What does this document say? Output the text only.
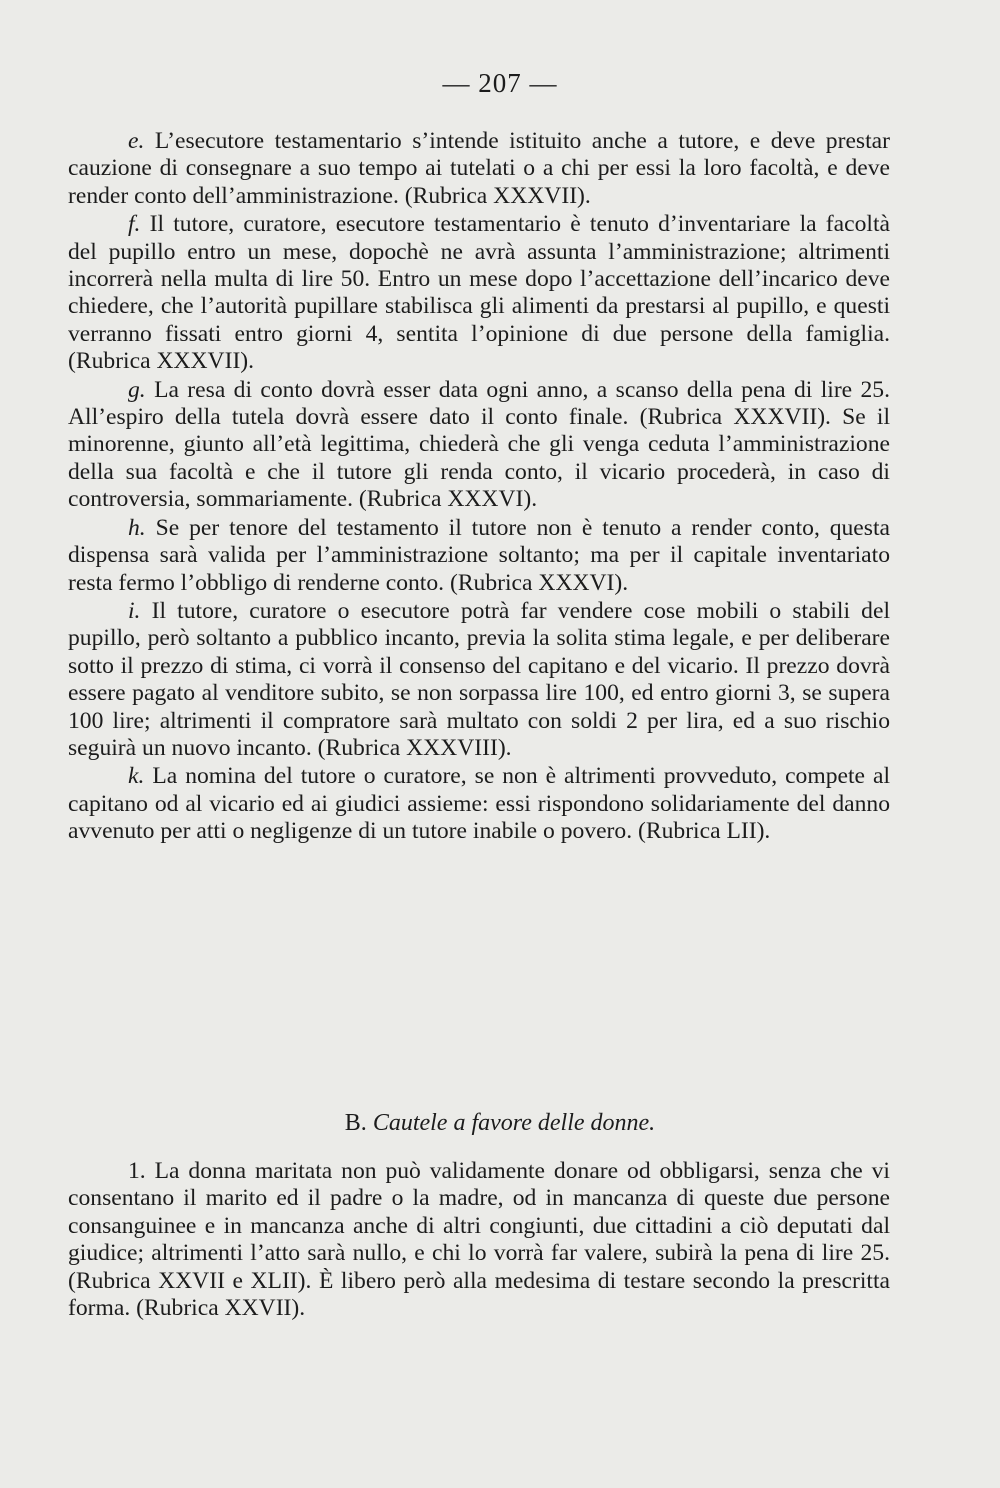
— 207 —

e. L’esecutore testamentario s’intende istituito anche a tutore, e deve prestar cauzione di consegnare a suo tempo ai tutelati o a chi per essi la loro facoltà, e deve render conto dell’amministrazione. (Rubrica XXXVII).

f. Il tutore, curatore, esecutore testamentario è tenuto d’inventariare la facoltà del pupillo entro un mese, dopochè ne avrà assunta l’amministrazione; altrimenti incorrerà nella multa di lire 50. Entro un mese dopo l’accettazione dell’incarico deve chiedere, che l’autorità pupillare stabilisca gli alimenti da prestarsi al pupillo, e questi verranno fissati entro giorni 4, sentita l’opinione di due persone della famiglia. (Rubrica XXXVII).

g. La resa di conto dovrà esser data ogni anno, a scanso della pena di lire 25. All’espiro della tutela dovrà essere dato il conto finale. (Rubrica XXXVII). Se il minorenne, giunto all’età legittima, chiederà che gli venga ceduta l’amministrazione della sua facoltà e che il tutore gli renda conto, il vicario procederà, in caso di controversia, sommariamente. (Rubrica XXXVI).

h. Se per tenore del testamento il tutore non è tenuto a render conto, questa dispensa sarà valida per l’amministrazione soltanto; ma per il capitale inventariato resta fermo l’obbligo di renderne conto. (Rubrica XXXVI).

i. Il tutore, curatore o esecutore potrà far vendere cose mobili o stabili del pupillo, però soltanto a pubblico incanto, previa la solita stima legale, e per deliberare sotto il prezzo di stima, ci vorrà il consenso del capitano e del vicario. Il prezzo dovrà essere pagato al venditore subito, se non sorpassa lire 100, ed entro giorni 3, se supera 100 lire; altrimenti il compratore sarà multato con soldi 2 per lira, ed a suo rischio seguirà un nuovo incanto. (Rubrica XXXVIII).

k. La nomina del tutore o curatore, se non è altrimenti provveduto, compete al capitano od al vicario ed ai giudici assieme: essi rispondono solidariamente del danno avvenuto per atti o negligenze di un tutore inabile o povero. (Rubrica LII).

B. Cautele a favore delle donne.

1. La donna maritata non può validamente donare od obbligarsi, senza che vi consentano il marito ed il padre o la madre, od in mancanza di queste due persone consanguinee e in mancanza anche di altri congiunti, due cittadini a ciò deputati dal giudice; altrimenti l’atto sarà nullo, e chi lo vorrà far valere, subirà la pena di lire 25. (Rubrica XXVII e XLII). È libero però alla medesima di testare secondo la prescritta forma. (Rubrica XXVII).
